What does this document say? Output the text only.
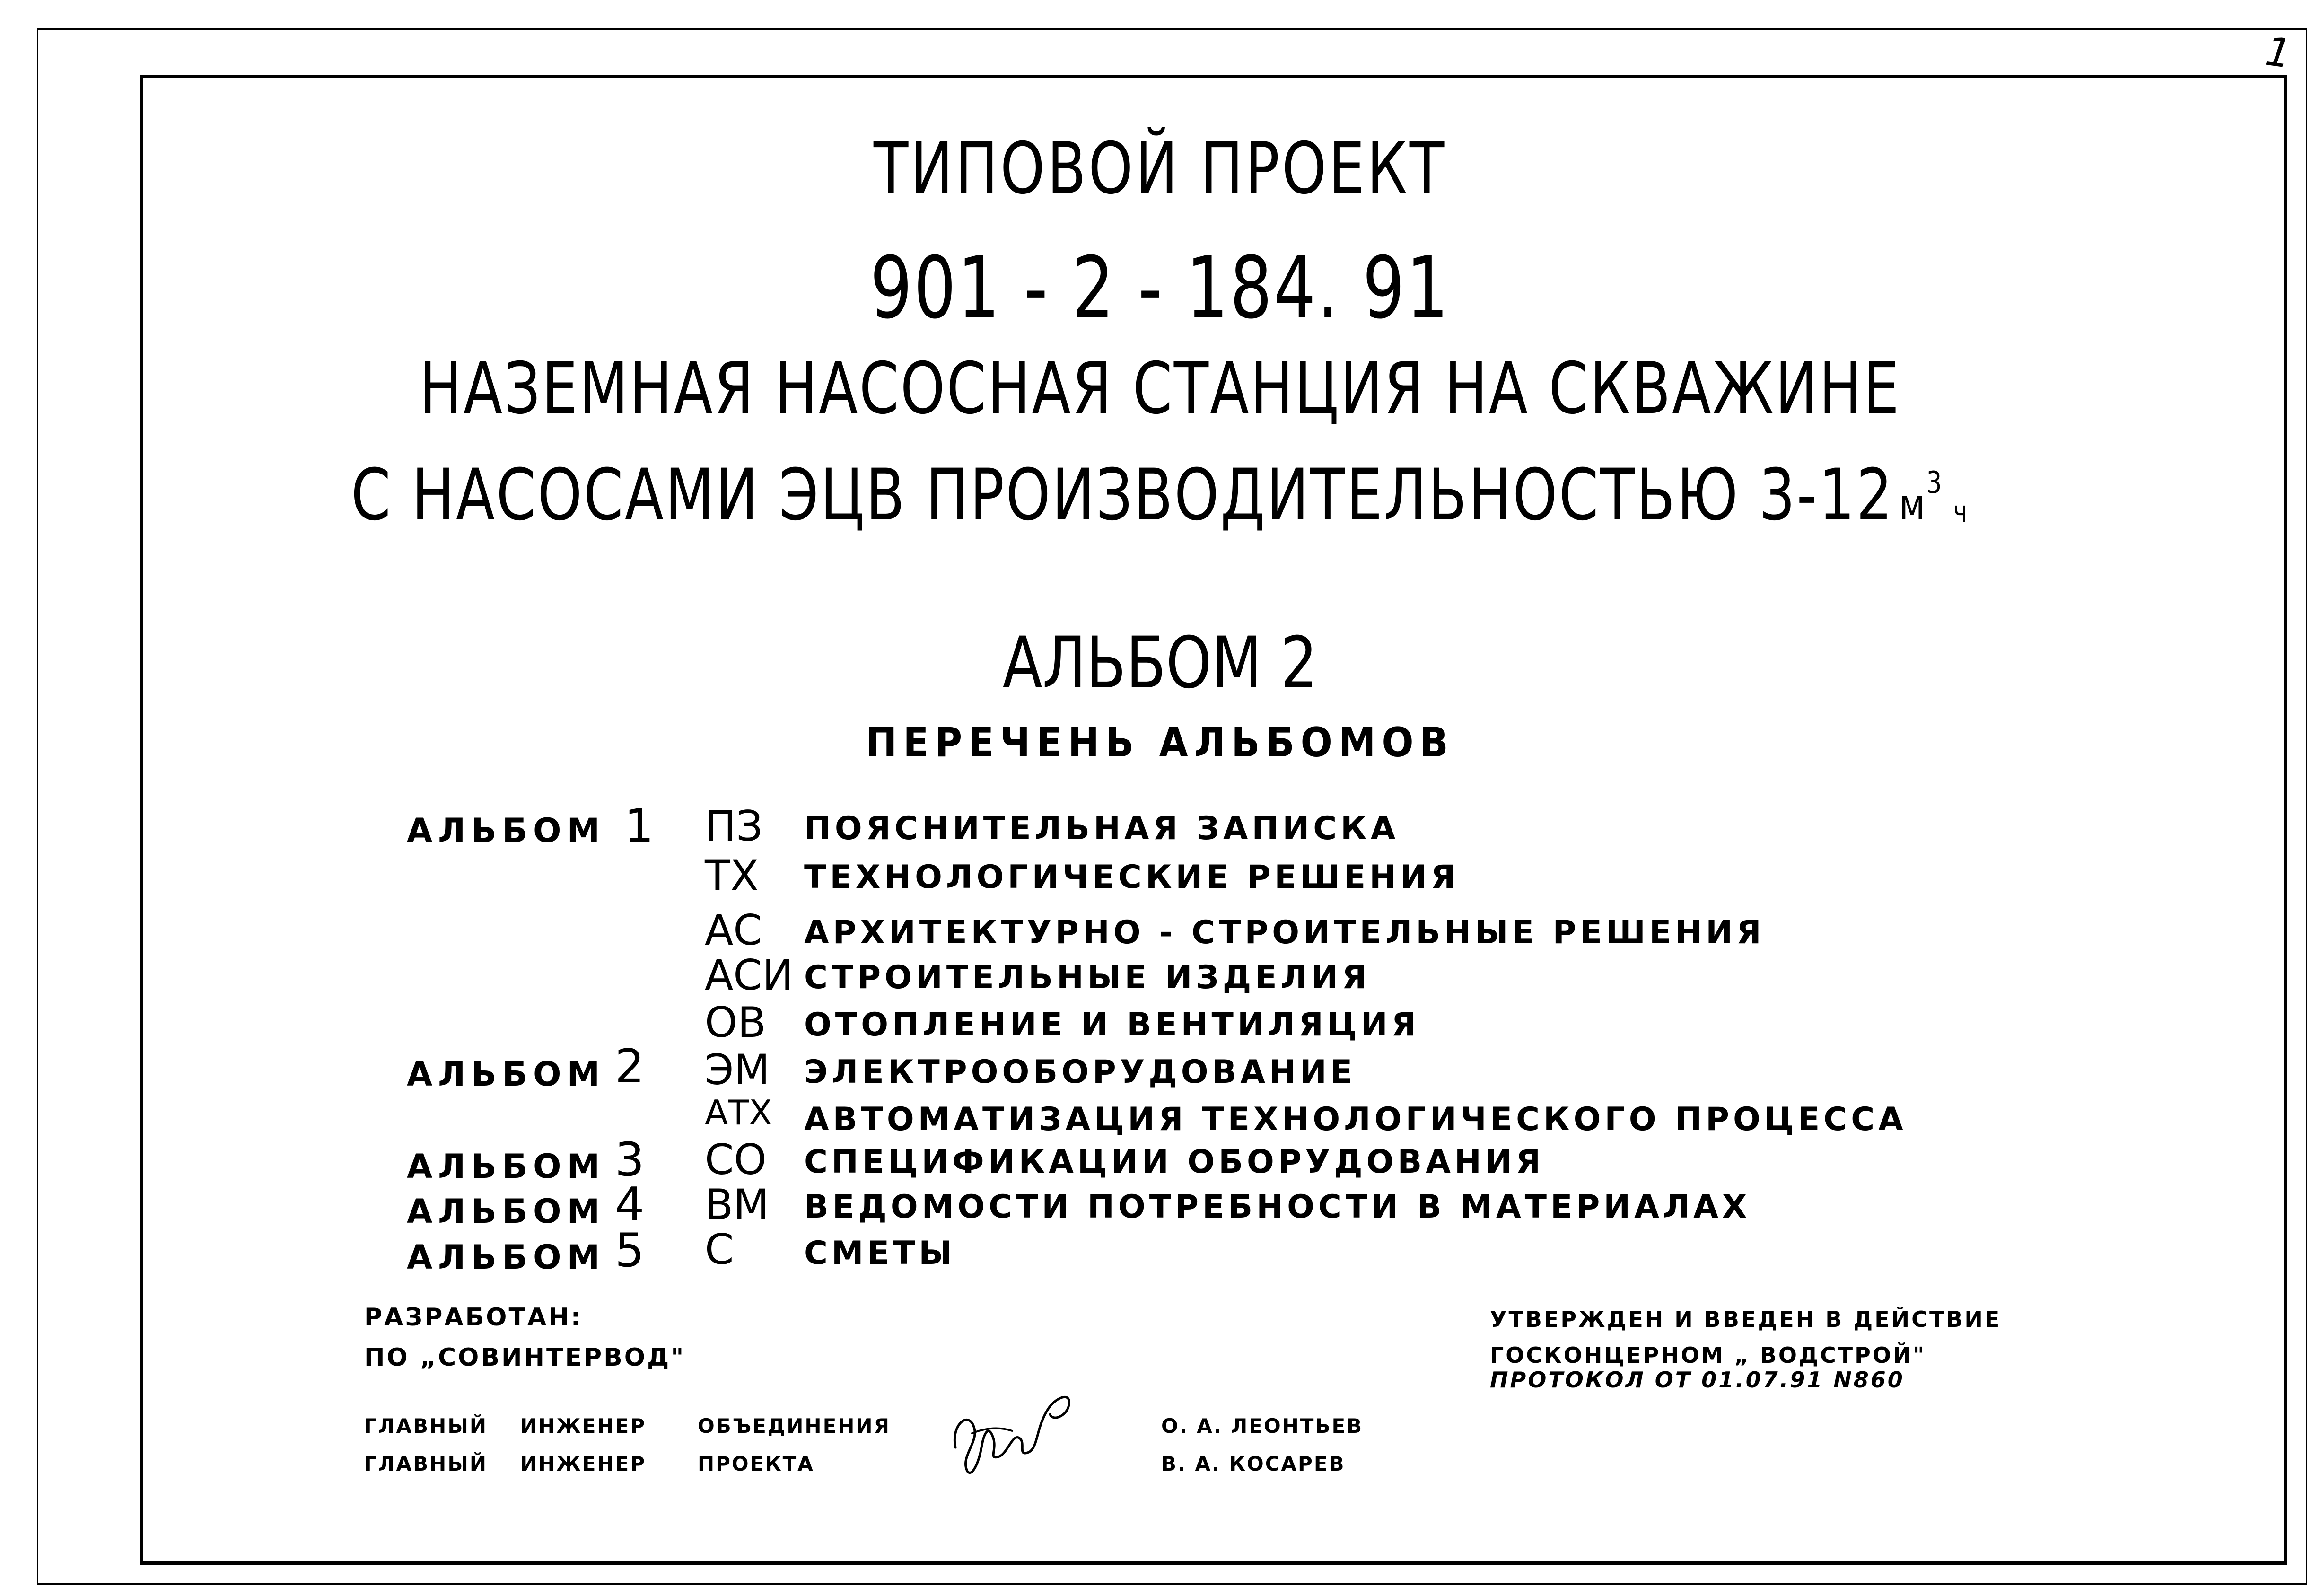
1
ТИПОВОЙ ПРОЕКТ
901 - 2 - 184. 91
НАЗЕМНАЯ НАСОСНАЯ СТАНЦИЯ НА СКВАЖИНЕ
С НАСОСАМИ ЭЦВ ПРОИЗВОДИТЕЛЬНОСТЬЮ 3-12 $м^3ч$
АЛЬБОМ 2
ПЕРЕЧЕНЬ АЛЬБОМОВ
АЛЬБОМ 1 ПЗ ПОЯСНИТЕЛЬНАЯ ЗАПИСКА
ТХ ТЕХНОЛОГИЧЕСКИЕ РЕШЕНИЯ
АС АРХИТЕКТУРНО - СТРОИТЕЛЬНЫЕ РЕШЕНИЯ
АСИ СТРОИТЕЛЬНЫЕ ИЗДЕЛИЯ
ОВ ОТОПЛЕНИЕ И ВЕНТИЛЯЦИЯ
АЛЬБОМ 2 ЭМ ЭЛЕКТРООБОРУДОВАНИЕ
АТХ АВТОМАТИЗАЦИЯ ТЕХНОЛОГИЧЕСКОГО ПРОЦЕССА
АЛЬБОМ 3 СО СПЕЦИФИКАЦИИ ОБОРУДОВАНИЯ
АЛЬБОМ 4 ВМ ВЕДОМОСТИ ПОТРЕБНОСТИ В МАТЕРИАЛАХ
АЛЬБОМ 5 С СМЕТЫ
РАЗРАБОТАН:
ПО „СОВИНТЕРВОД"
УТВЕРЖДЕН И ВВЕДЕН В ДЕЙСТВИЕ
ГОСКОНЦЕРНОМ „ ВОДСТРОЙ"
ПРОТОКОЛ ОТ 01.07.91 N860
ГЛАВНЫЙ ИНЖЕНЕР	ОБЪЕДИНЕНИЯ	О. А. ЛЕОНТЬЕВ
ГЛАВНЫЙ ИНЖЕНЕР	ПРОЕКТА	В. А. КОСАРЕВ
